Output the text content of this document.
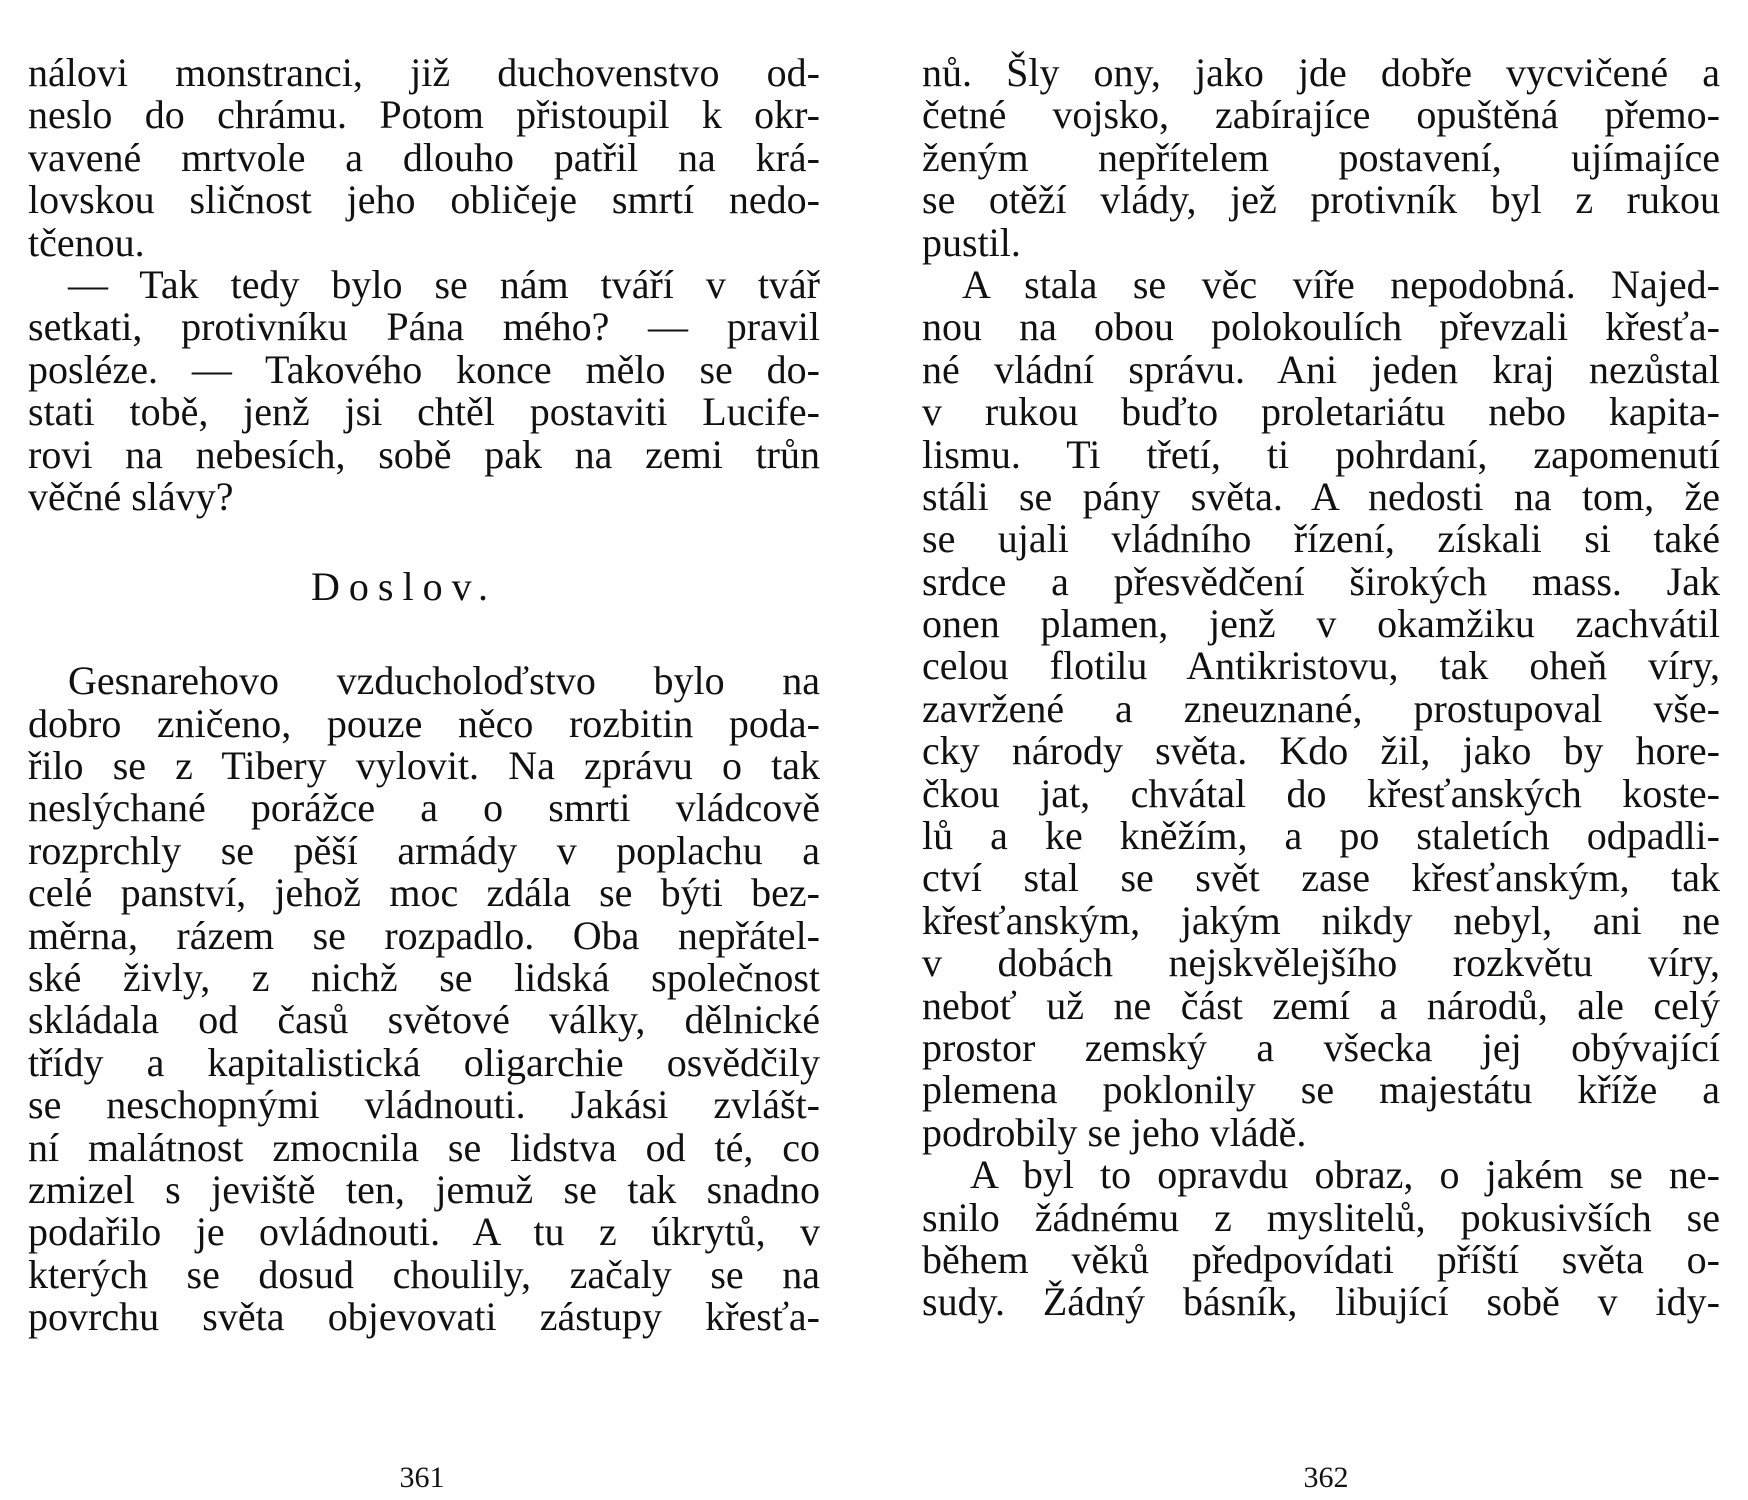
nálovi monstranci, již duchovenstvo od-
neslo do chrámu. Potom přistoupil k okr-
vavené mrtvole a dlouho patřil na krá-
lovskou sličnost jeho obličeje smrtí nedo-
tčenou.
— Tak tedy bylo se nám tváří v tvář
setkati, protivníku Pána mého? — pravil
posléze. — Takového konce mělo se do-
stati tobě, jenž jsi chtěl postaviti Lucife-
rovi na nebesích, sobě pak na zemi trůn
věčné slávy?
Doslov.
Gesnarehovo vzducholoďstvo bylo na
dobro zničeno, pouze něco rozbitin poda-
řilo se z Tibery vylovit. Na zprávu o tak
neslýchané porážce a o smrti vládcově
rozprchly se pěší armády v poplachu a
celé panství, jehož moc zdála se býti bez-
měrna, rázem se rozpadlo. Oba nepřátel-
ské živly, z nichž se lidská společnost
skládala od časů světové války, dělnické
třídy a kapitalistická oligarchie osvědčily
se neschopnými vládnouti. Jakási zvlášt-
ní malátnost zmocnila se lidstva od té, co
zmizel s jeviště ten, jemuž se tak snadno
podařilo je ovládnouti. A tu z úkrytů, v
kterých se dosud choulily, začaly se na
povrchu světa objevovati zástupy křesťa-
nů. Šly ony, jako jde dobře vycvičené a
četné vojsko, zabírajíce opuštěná přemo-
ženým nepřítelem postavení, ujímajíce
se otěží vlády, jež protivník byl z rukou
pustil.
A stala se věc víře nepodobná. Najed-
nou na obou polokoulích převzali křesťa-
né vládní správu. Ani jeden kraj nezůstal
v rukou buďto proletariátu nebo kapita-
lismu. Ti třetí, ti pohrdaní, zapomenutí
stáli se pány světa. A nedosti na tom, že
se ujali vládního řízení, získali si také
srdce a přesvědčení širokých mass. Jak
onen plamen, jenž v okamžiku zachvátil
celou flotilu Antikristovu, tak oheň víry,
zavržené a zneuznané, prostupoval vše-
cky národy světa. Kdo žil, jako by hore-
čkou jat, chvátal do křesťanských koste-
lů a ke kněžím, a po staletích odpadli-
ctví stal se svět zase křesťanským, tak
křesťanským, jakým nikdy nebyl, ani ne
v dobách nejskvělejšího rozkvětu víry,
neboť už ne část zemí a národů, ale celý
prostor zemský a všecka jej obývající
plemena poklonily se majestátu kříže a
podrobily se jeho vládě.
A byl to opravdu obraz, o jakém se ne-
snilo žádnému z myslitelů, pokusivších se
během věků předpovídati příští světa o-
sudy. Žádný básník, libující sobě v idy-
361	362
